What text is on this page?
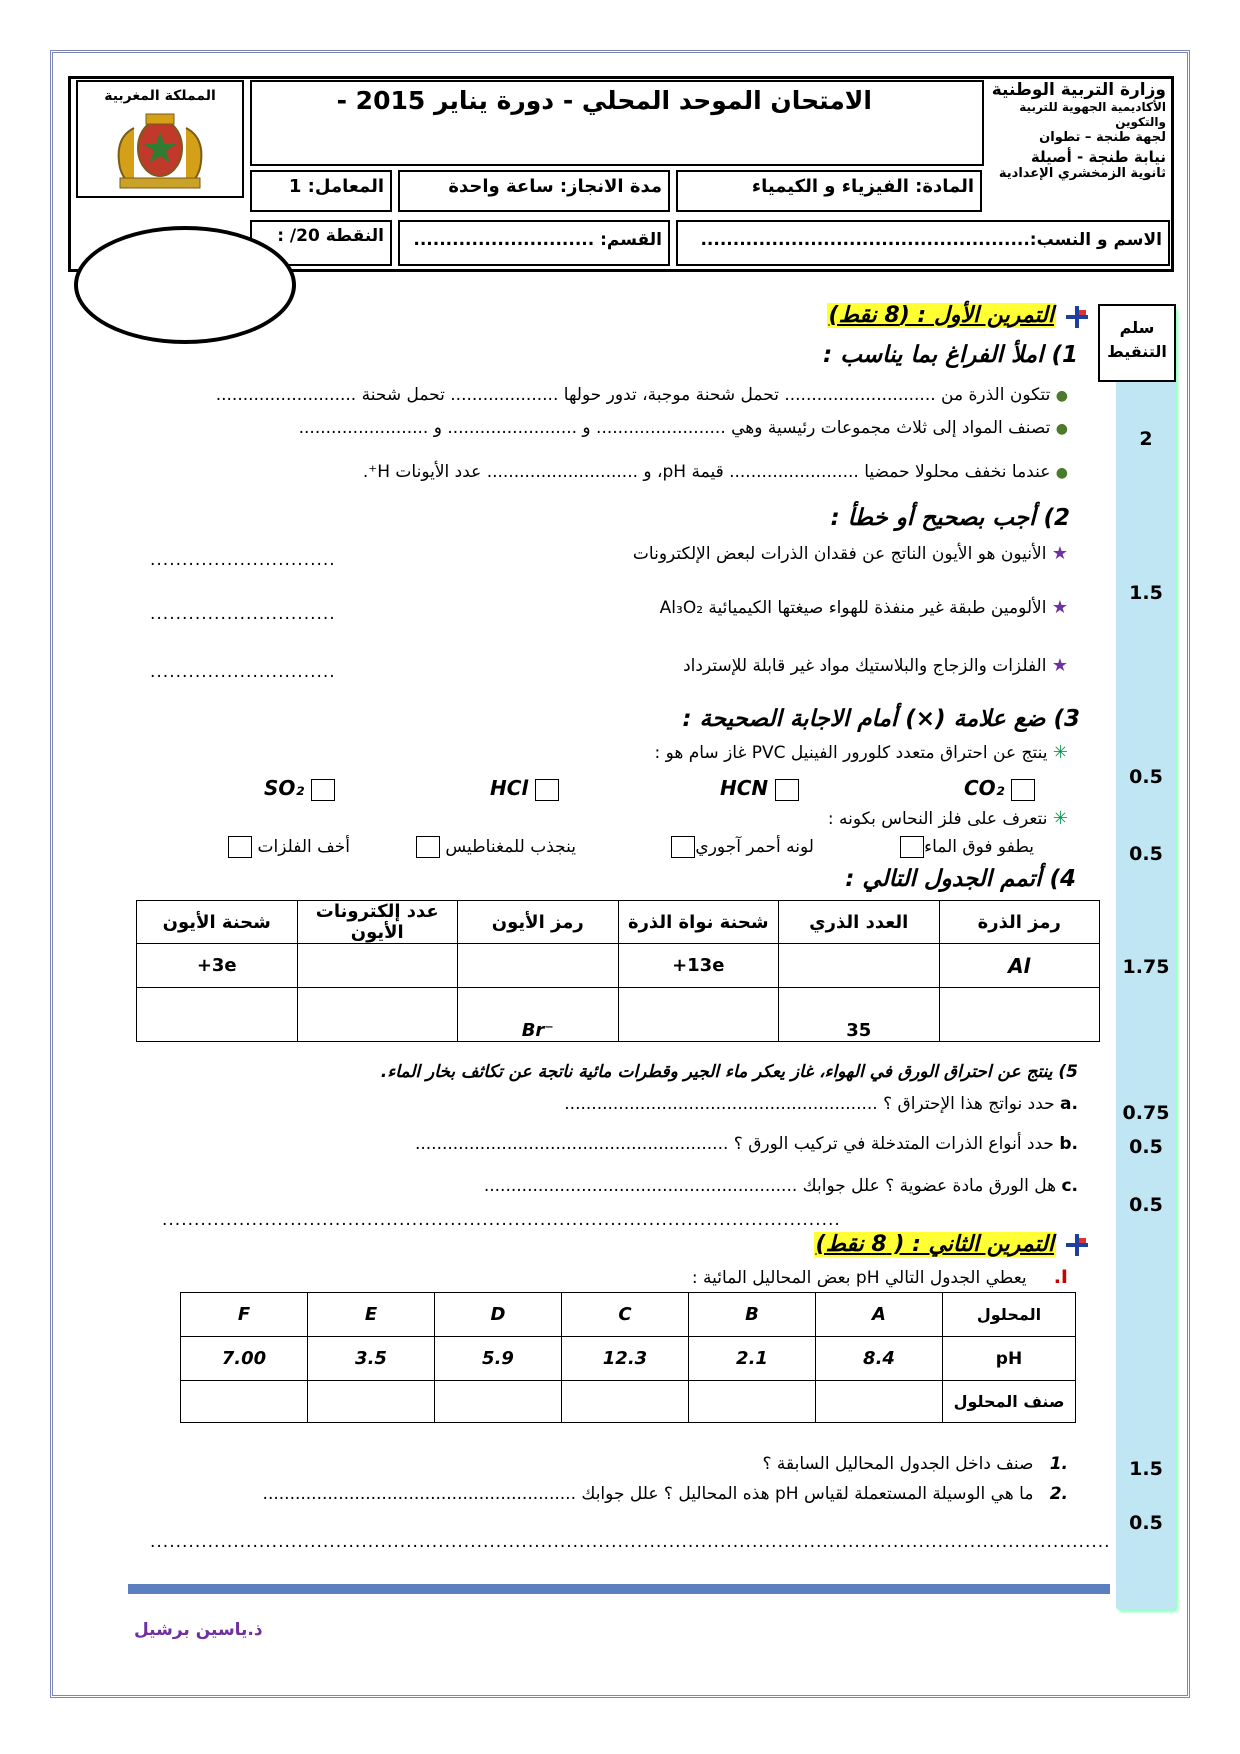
وزارة التربية الوطنية
الأكاديمية الجهوية للتربية والتكوين
لجهة طنجة – تطوان
نيابة طنجة - أصيلة
ثانوية الزمخشري الإعدادية
الامتحان الموحد المحلي - دورة يناير 2015 -
المملكة المغربية
المادة: الفيزياء و الكيمياء
مدة الانجاز: ساعة واحدة
المعامل: 1
الاسم و النسب:...................................................
القسم: ............................
النقطة 20/ :
سلم التنقيط
2
1.5
0.5
0.5
1.75
0.75
0.5
0.5
1.5
0.5
التمرين الأول : (8 نقط)
1) املأ الفراغ بما يناسب :
● تتكون الذرة من ............................ تحمل شحنة موجبة، تدور حولها .................... تحمل شحنة ..........................
● تصنف المواد إلى ثلاث مجموعات رئيسية وهي ........................ و ........................ و ........................
● عندما نخفف محلولا حمضيا ........................ قيمة pH، و ............................ عدد الأيونات H⁺.
2) أجب بصحيح أو خطأ :
★ الأنيون هو الأيون الناتج عن فقدان الذرات لبعض الإلكترونات
.............................
★ الألومين طبقة غير منفذة للهواء صيغتها الكيميائية Al₃O₂
.............................
★ الفلزات والزجاج والبلاستيك مواد غير قابلة للإسترداد
.............................
3) ضع علامة (×) أمام الاجابة الصحيحة :
✳ ينتج عن احتراق متعدد كلورور الفينيل PVC غاز سام هو :
CO₂
HCN
HCl
SO₂
✳ نتعرف على فلز النحاس بكونه :
يطفو فوق الماء
لونه أحمر آجوري
ينجذب للمغناطيس
أخف الفلزات
4) أتمم الجدول التالي :
رمز الذرة	العدد الذري	شحنة نواة الذرة	رمز الأيون	عدد إلكترونات الأيون	شحنة الأيون
Al		+13e			+3e
	35		Br⁻		
5) ينتج عن احتراق الورق في الهواء، غاز يعكر ماء الجير وقطرات مائية ناتجة عن تكاثف بخار الماء.
.a حدد نواتج هذا الإحتراق ؟ ..........................................................
.b حدد أنواع الذرات المتدخلة في تركيب الورق ؟ ..........................................................
.c هل الورق مادة عضوية ؟ علل جوابك ..........................................................
..........................................................................................................
التمرين الثاني : ( 8 نقط)
I.     يعطي الجدول التالي pH بعض المحاليل المائية :
المحلول	A	B	C	D	E	F
pH	8.4	2.1	12.3	5.9	3.5	7.00
صنف المحلول						
.1   صنف داخل الجدول المحاليل السابقة ؟
.2   ما هي الوسيلة المستعملة لقياس pH هذه المحاليل ؟ علل جوابك ..........................................................
......................................................................................................................................................
ذ.ياسين برشيل
